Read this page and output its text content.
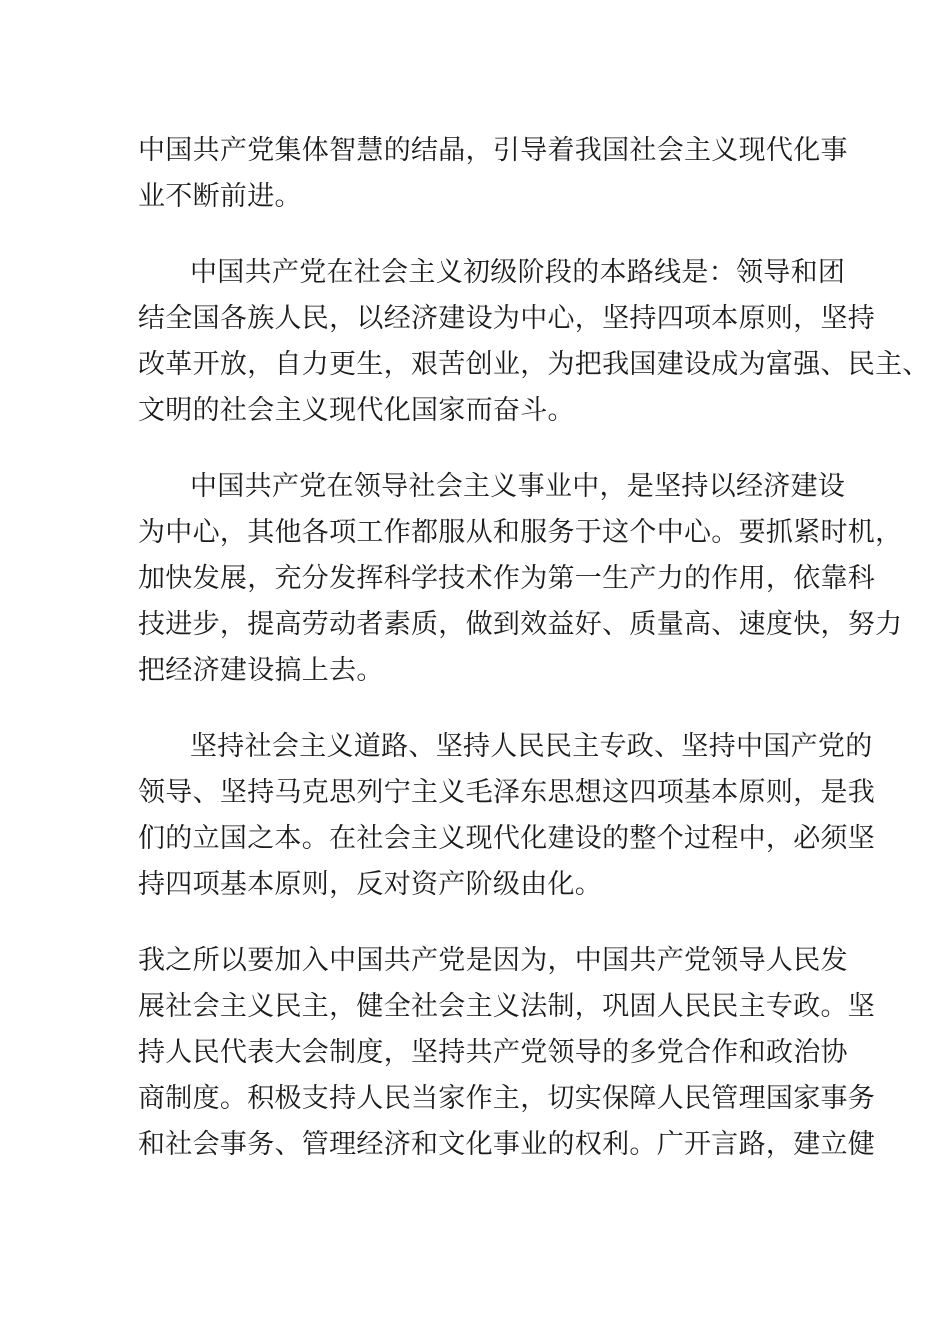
中国共产党集体智慧的结晶，引导着我国社会主义现代化事
业不断前进。
中国共产党在社会主义初级阶段的本路线是：领导和团
结全国各族人民，以经济建设为中心，坚持四项本原则，坚持
改革开放，自力更生，艰苦创业，为把我国建设成为富强、民主、
文明的社会主义现代化国家而奋斗。
中国共产党在领导社会主义事业中，是坚持以经济建设
为中心，其他各项工作都服从和服务于这个中心。要抓紧时机，
加快发展，充分发挥科学技术作为第一生产力的作用，依靠科
技进步，提高劳动者素质，做到效益好、质量高、速度快，努力
把经济建设搞上去。
坚持社会主义道路、坚持人民民主专政、坚持中国产党的
领导、坚持马克思列宁主义毛泽东思想这四项基本原则，是我
们的立国之本。在社会主义现代化建设的整个过程中，必须坚
持四项基本原则，反对资产阶级由化。
我之所以要加入中国共产党是因为，中国共产党领导人民发
展社会主义民主，健全社会主义法制，巩固人民民主专政。坚
持人民代表大会制度，坚持共产党领导的多党合作和政治协
商制度。积极支持人民当家作主，切实保障人民管理国家事务
和社会事务、管理经济和文化事业的权利。广开言路，建立健
